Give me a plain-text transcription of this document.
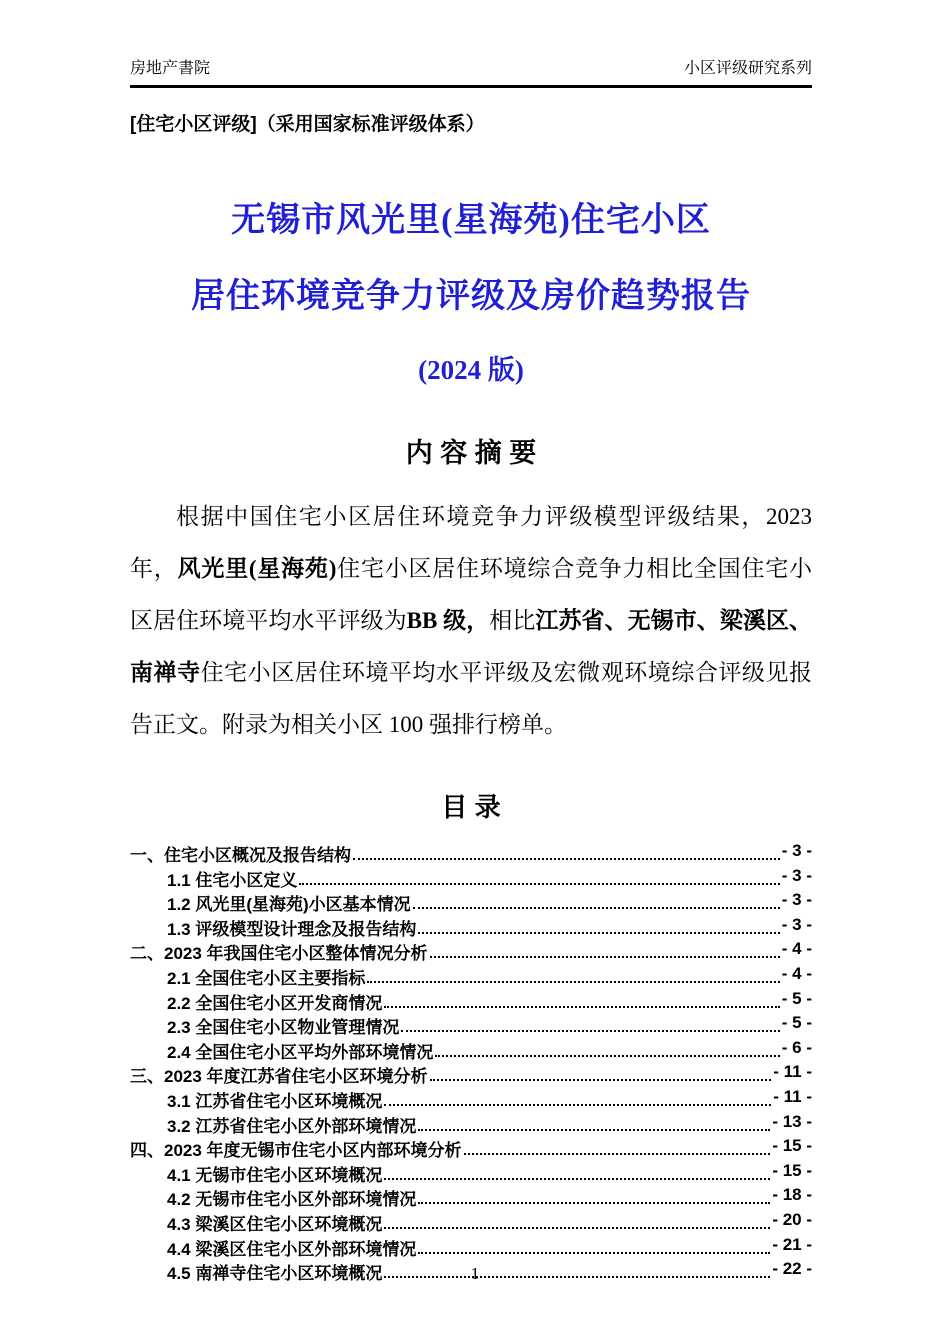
房地产書院	小区评级研究系列
[住宅小区评级]（采用国家标准评级体系）
无锡市风光里(星海苑)住宅小区
居住环境竞争力评级及房价趋势报告
(2024 版)
内 容 摘 要

根据中国住宅小区居住环境竞争力评级模型评级结果，2023 年，风光里(星海苑)住宅小区居住环境综合竞争力相比全国住宅小区居住环境平均水平评级为BB 级，相比江苏省、无锡市、梁溪区、南禅寺住宅小区居住环境平均水平评级及宏微观环境综合评级见报告正文。附录为相关小区 100 强排行榜单。

目 录
一、住宅小区概况及报告结构	- 3 -
1.1 住宅小区定义	- 3 -
1.2 风光里(星海苑)小区基本情况	- 3 -
1.3 评级模型设计理念及报告结构	- 3 -
二、2023 年我国住宅小区整体情况分析	- 4 -
2.1 全国住宅小区主要指标	- 4 -
2.2 全国住宅小区开发商情况	- 5 -
2.3 全国住宅小区物业管理情况	- 5 -
2.4 全国住宅小区平均外部环境情况	- 6 -
三、2023 年度江苏省住宅小区环境分析	- 11 -
3.1 江苏省住宅小区环境概况	- 11 -
3.2 江苏省住宅小区外部环境情况	- 13 -
四、2023 年度无锡市住宅小区内部环境分析	- 15 -
4.1 无锡市住宅小区环境概况	- 15 -
4.2 无锡市住宅小区外部环境情况	- 18 -
4.3 梁溪区住宅小区环境概况	- 20 -
4.4 梁溪区住宅小区外部环境情况	- 21 -
4.5 南禅寺住宅小区环境概况	- 22 -
1
